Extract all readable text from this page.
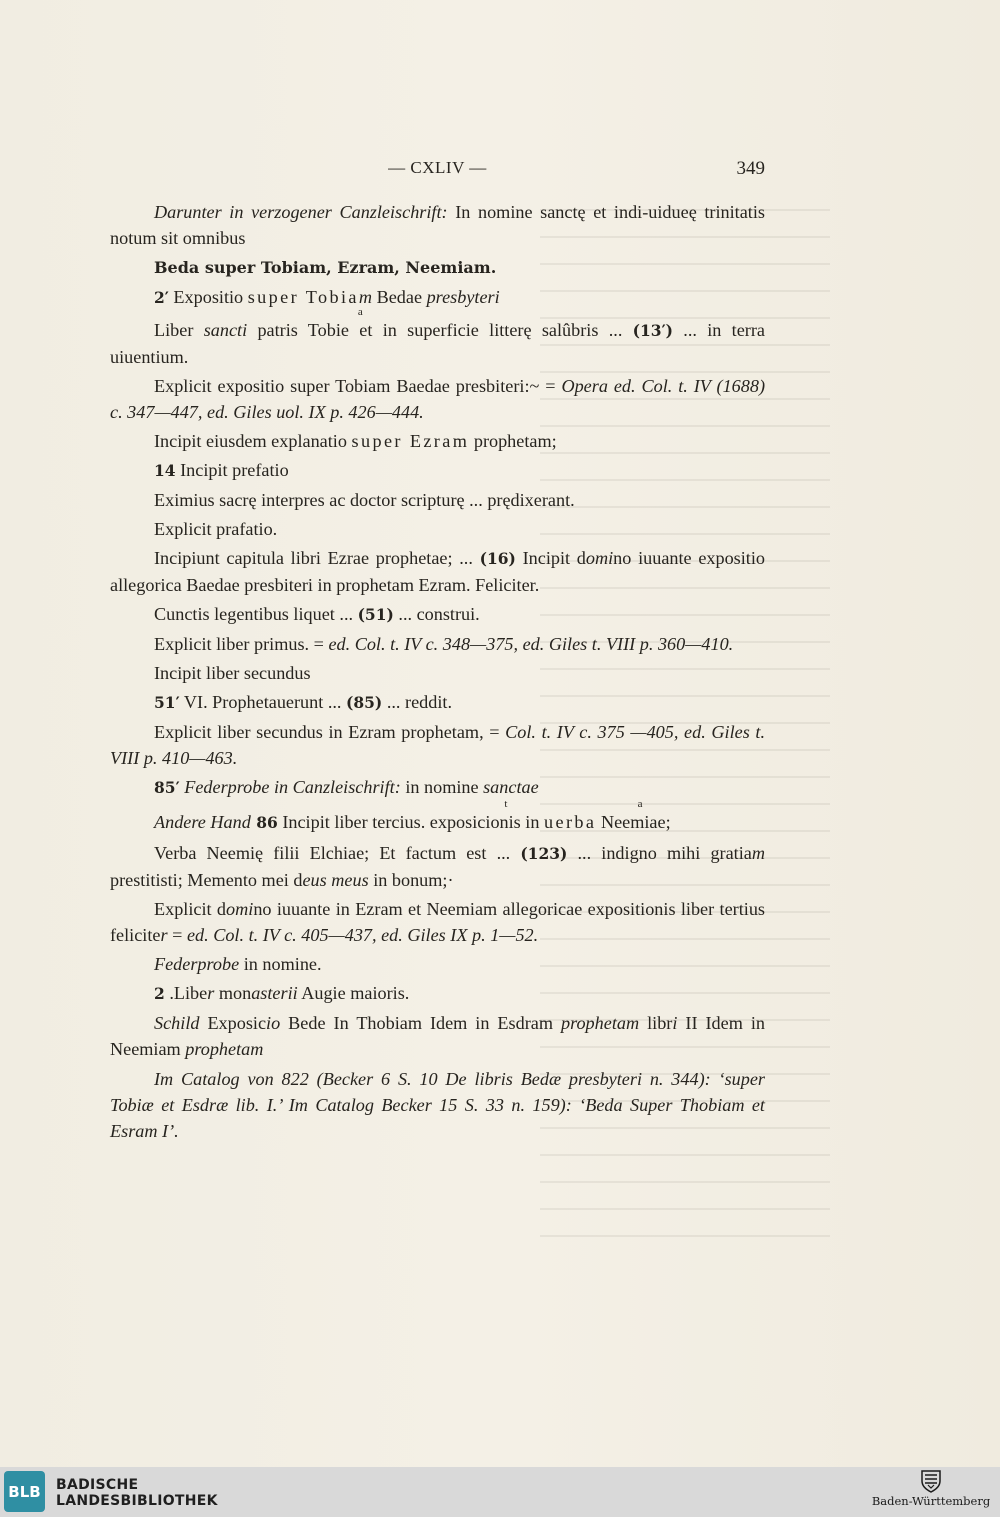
— CXLIV —	349

Darunter in verzogener Canzleischrift: In nomine sanctę et indi-uidueę trinitatis notum sit omnibus

Beda super Tobiam, Ezram, Neemiam.

2′ Expositio super Tobiam Bedae presbyteri

Liber sancti patris Tobi
a
e et in superficie litterę salûbris ... (13′) ... in terra uiuentium.

Explicit expositio super Tobiam Baedae presbiteri:~ = Opera ed. Col. t. IV (1688) c. 347—447, ed. Giles uol. IX p. 426—444.

Incipit eiusdem explanatio super Ezram prophetam;

14 Incipit prefatio

Eximius sacrę interpres ac doctor scripturę ... prędixerant.

Explicit prafatio.

Incipiunt capitula libri Ezrae prophetae; ... (16) Incipit domino iuuante expositio allegorica Baedae presbiteri in prophetam Ezram. Feliciter.

Cunctis legentibus liquet ... (51) ... construi.

Explicit liber primus. = ed. Col. t. IV c. 348—375, ed. Giles t. VIII p. 360—410.

Incipit liber secundus

51′ VI. Prophetauerunt ... (85) ... reddit.

Explicit liber secundus in Ezram prophetam, = Col. t. IV c. 375 —405, ed. Giles t. VIII p. 410—463.

85′ Federprobe in Canzleischrift: in nomine sanctae

Andere Hand 86 Incipit liber tercius. exposici
t
onis in uerba Ne
a
emiae;

Verba Neemię filii Elchiae; Et factum est ... (123) ... indigno mihi gratiam prestitisti; Memento mei deus meus in bonum;·

Explicit domino iuuante in Ezram et Neemiam allegoricae expositionis liber tertius feliciter = ed. Col. t. IV c. 405—437, ed. Giles IX p. 1—52.

Federprobe in nomine.

2 .Liber monasterii Augie maioris.

Schild Exposicio Bede In Thobiam Idem in Esdram prophetam libri II Idem in Neemiam prophetam

Im Catalog von 822 (Becker 6 S. 10 De libris Bedæ presbyteri n. 344): ‘super Tobiæ et Esdræ lib. I.’ Im Catalog Becker 15 S. 33 n. 159): ‘Beda Super Thobiam et Esram I’.

BLB	BADISCHE
LANDESBIBLIOTHEK	Baden-Württemberg
